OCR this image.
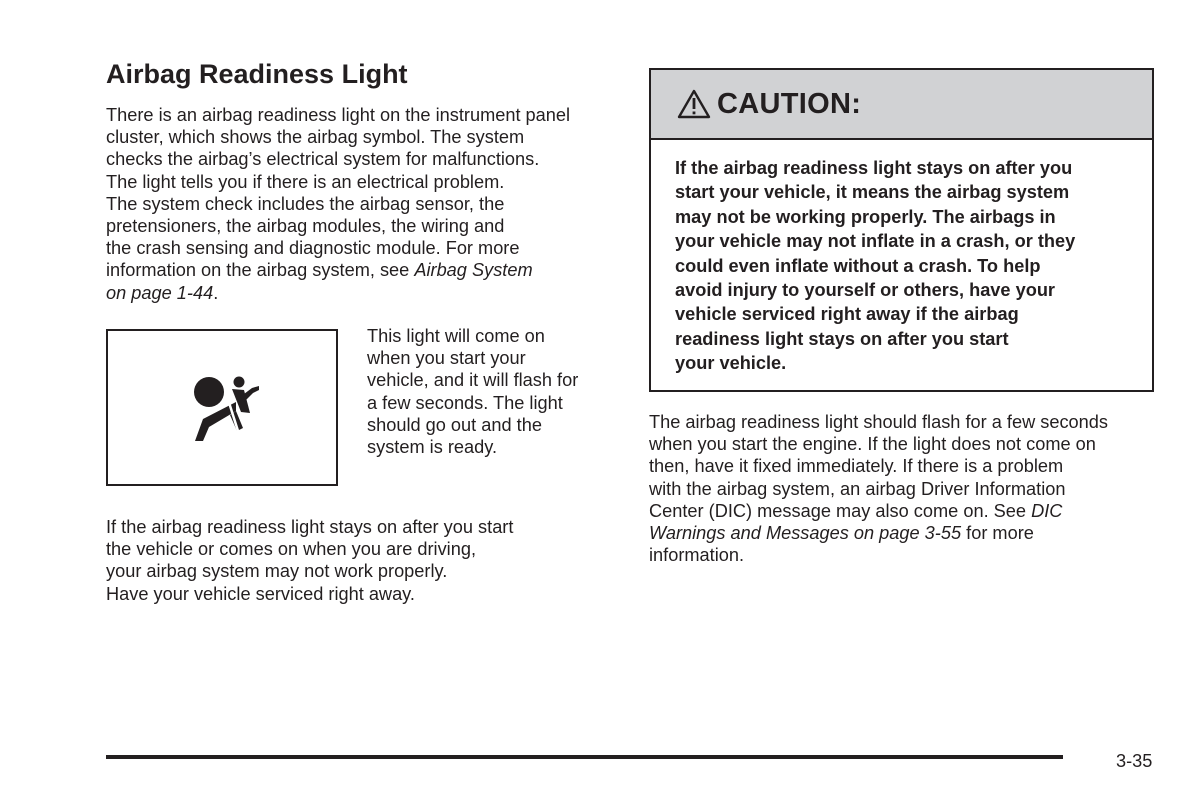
Airbag Readiness Light

There is an airbag readiness light on the instrument panel
cluster, which shows the airbag symbol. The system
checks the airbag’s electrical system for malfunctions.
The light tells you if there is an electrical problem.
The system check includes the airbag sensor, the
pretensioners, the airbag modules, the wiring and
the crash sensing and diagnostic module. For more
information on the airbag system, see Airbag System
on page 1-44.

This light will come on
when you start your
vehicle, and it will flash for
a few seconds. The light
should go out and the
system is ready.

If the airbag readiness light stays on after you start
the vehicle or comes on when you are driving,
your airbag system may not work properly.
Have your vehicle serviced right away.

CAUTION:

If the airbag readiness light stays on after you
start your vehicle, it means the airbag system
may not be working properly. The airbags in
your vehicle may not inflate in a crash, or they
could even inflate without a crash. To help
avoid injury to yourself or others, have your
vehicle serviced right away if the airbag
readiness light stays on after you start
your vehicle.

The airbag readiness light should flash for a few seconds
when you start the engine. If the light does not come on
then, have it fixed immediately. If there is a problem
with the airbag system, an airbag Driver Information
Center (DIC) message may also come on. See DIC
Warnings and Messages on page 3-55 for more
information.

3-35
